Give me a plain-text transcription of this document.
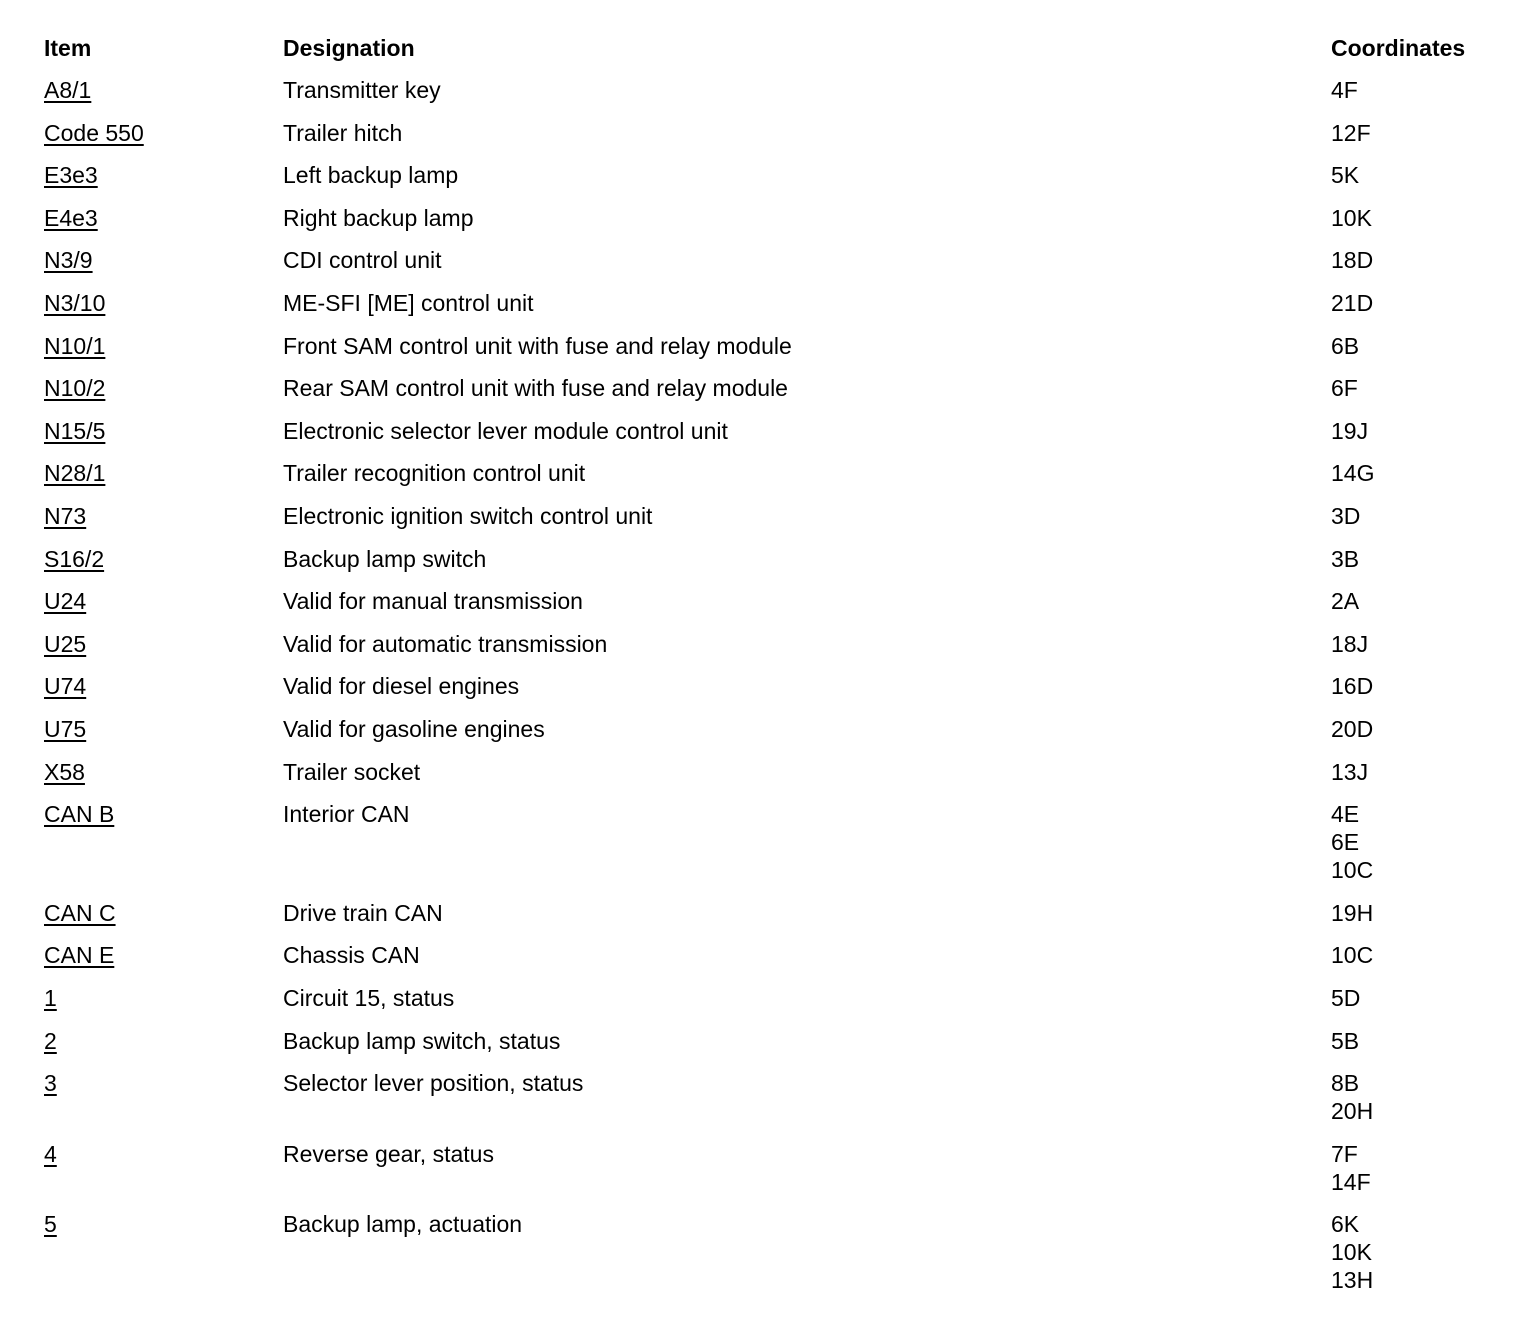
Item	Designation	Coordinates
A8/1	Transmitter key	4F
Code 550	Trailer hitch	12F
E3e3	Left backup lamp	5K
E4e3	Right backup lamp	10K
N3/9	CDI control unit	18D
N3/10	ME-SFI [ME] control unit	21D
N10/1	Front SAM control unit with fuse and relay module	6B
N10/2	Rear SAM control unit with fuse and relay module	6F
N15/5	Electronic selector lever module control unit	19J
N28/1	Trailer recognition control unit	14G
N73	Electronic ignition switch control unit	3D
S16/2	Backup lamp switch	3B
U24	Valid for manual transmission	2A
U25	Valid for automatic transmission	18J
U74	Valid for diesel engines	16D
U75	Valid for gasoline engines	20D
X58	Trailer socket	13J
CAN B	Interior CAN	4E
6E
10C
CAN C	Drive train CAN	19H
CAN E	Chassis CAN	10C
1	Circuit 15, status	5D
2	Backup lamp switch, status	5B
3	Selector lever position, status	8B
20H
4	Reverse gear, status	7F
14F
5	Backup lamp, actuation	6K
10K
13H
